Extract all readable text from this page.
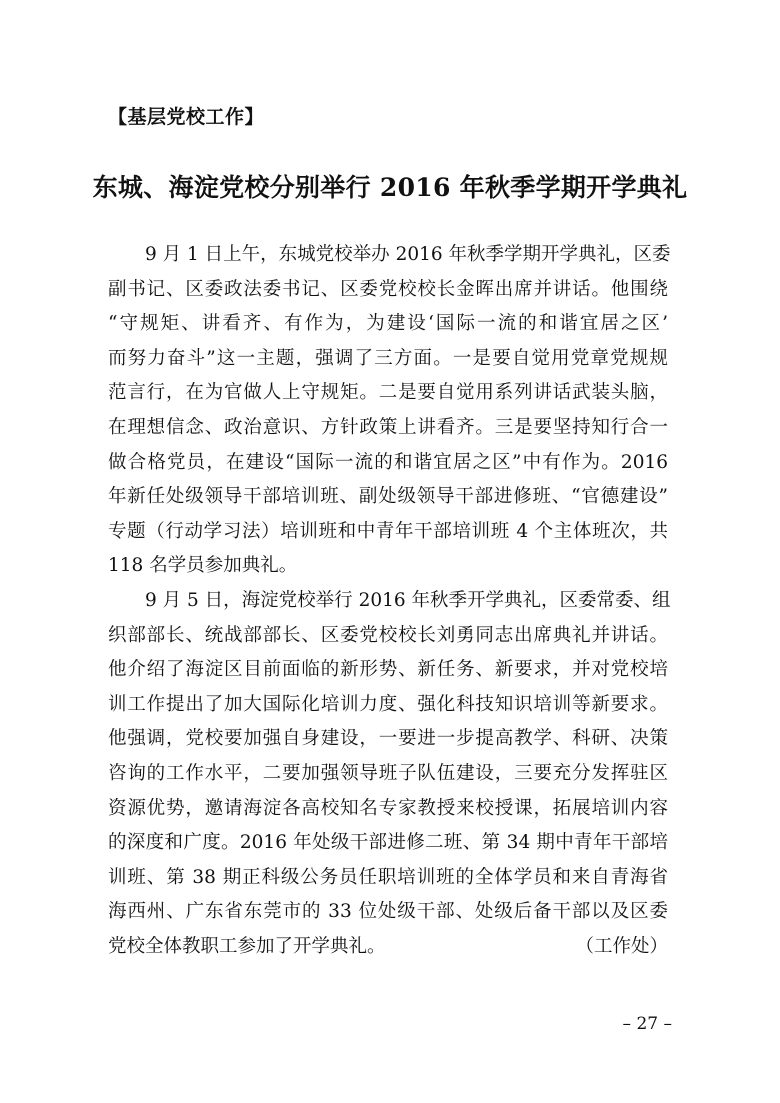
【基层党校工作】
东城、海淀党校分别举行 2016 年秋季学期开学典礼
9 月 1 日上午，东城党校举办 2016 年秋季学期开学典礼，区委
副书记、区委政法委书记、区委党校校长金晖出席并讲话。他围绕
“守规矩、讲看齐、有作为，为建设‘国际一流的和谐宜居之区’
而努力奋斗”这一主题，强调了三方面。一是要自觉用党章党规规
范言行，在为官做人上守规矩。二是要自觉用系列讲话武装头脑，
在理想信念、政治意识、方针政策上讲看齐。三是要坚持知行合一
做合格党员，在建设“国际一流的和谐宜居之区”中有作为。2016
年新任处级领导干部培训班、副处级领导干部进修班、“官德建设”
专题（行动学习法）培训班和中青年干部培训班 4 个主体班次，共
118 名学员参加典礼。
9 月 5 日，海淀党校举行 2016 年秋季开学典礼，区委常委、组
织部部长、统战部部长、区委党校校长刘勇同志出席典礼并讲话。
他介绍了海淀区目前面临的新形势、新任务、新要求，并对党校培
训工作提出了加大国际化培训力度、强化科技知识培训等新要求。
他强调，党校要加强自身建设，一要进一步提高教学、科研、决策
咨询的工作水平，二要加强领导班子队伍建设，三要充分发挥驻区
资源优势，邀请海淀各高校知名专家教授来校授课，拓展培训内容
的深度和广度。2016 年处级干部进修二班、第 34 期中青年干部培
训班、第 38 期正科级公务员任职培训班的全体学员和来自青海省
海西州、广东省东莞市的 33 位处级干部、处级后备干部以及区委
党校全体教职工参加了开学典礼。	（工作处）
– 27 –
